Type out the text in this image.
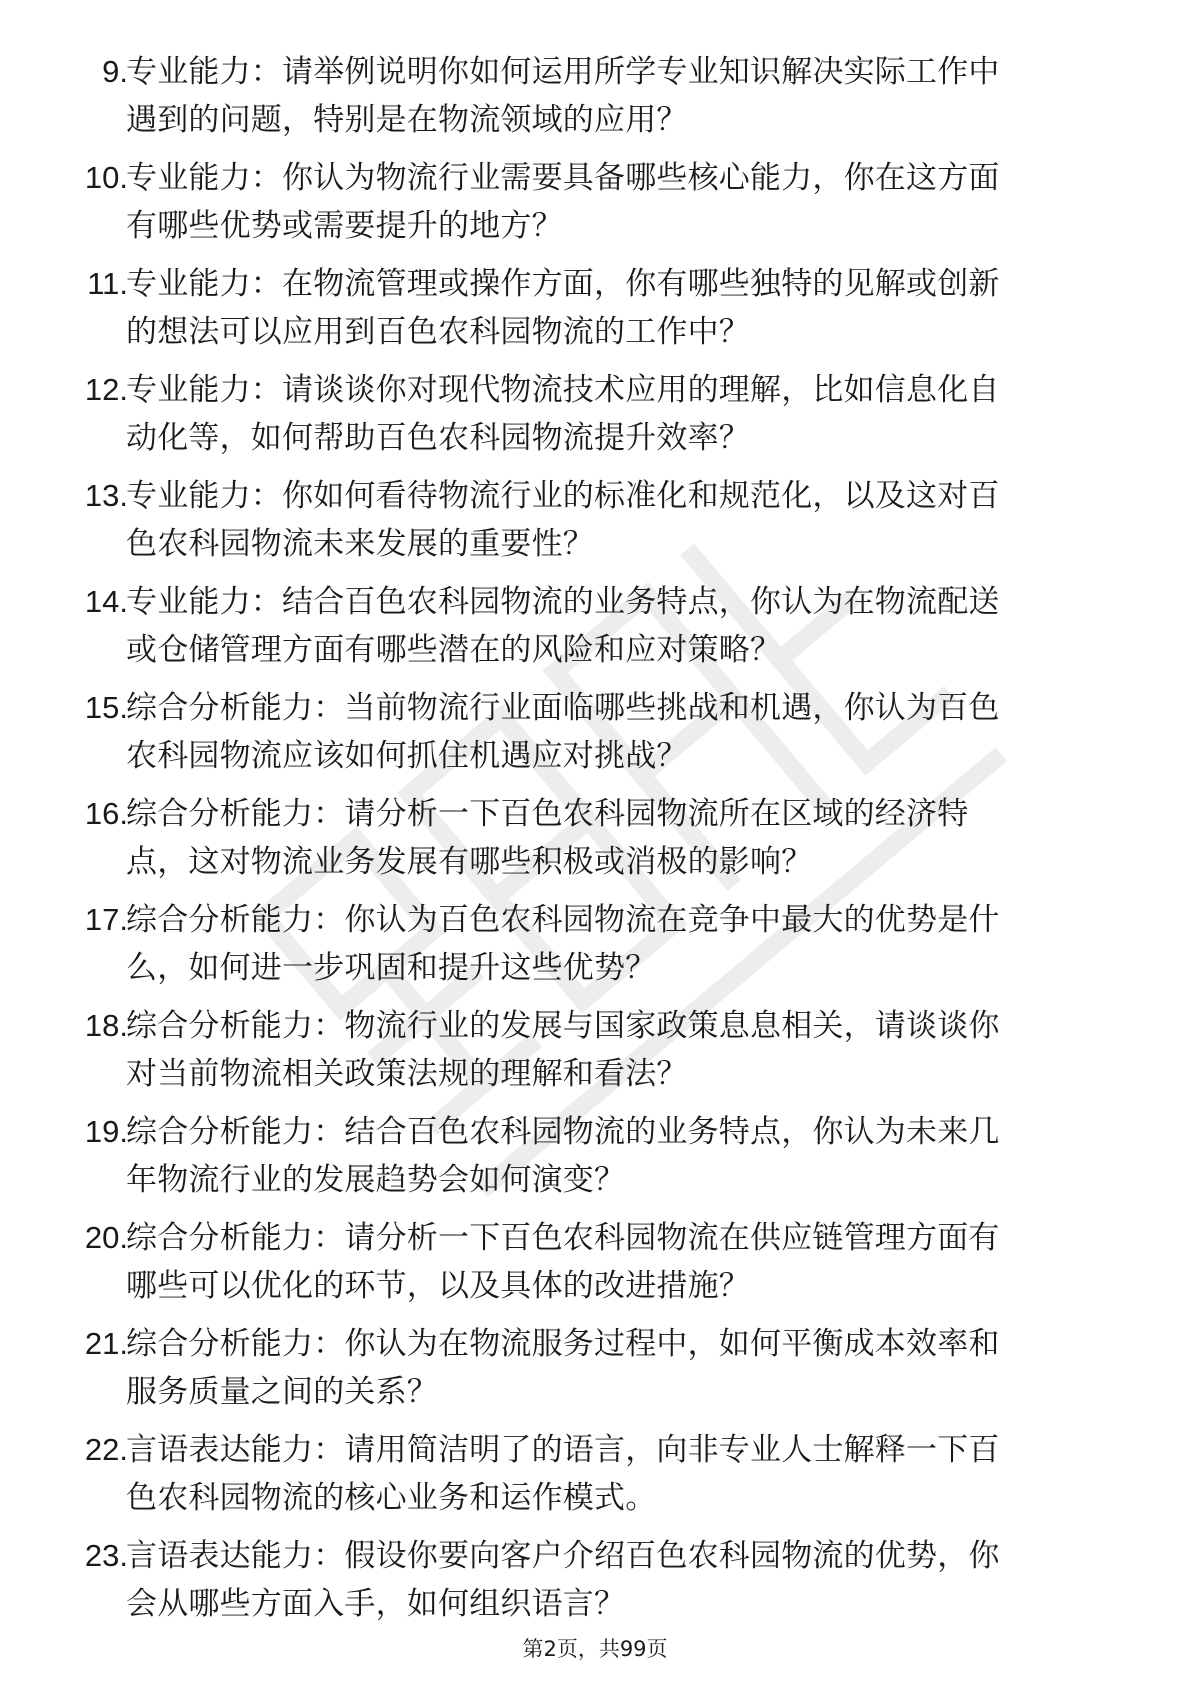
9.
专业能力：请举例说明你如何运用所学专业知识解决实际工作中
遇到的问题，特别是在物流领域的应用？
10.
专业能力：你认为物流行业需要具备哪些核心能力，你在这方面
有哪些优势或需要提升的地方？
11.
专业能力：在物流管理或操作方面，你有哪些独特的见解或创新
的想法可以应用到百色农科园物流的工作中？
12.
专业能力：请谈谈你对现代物流技术应用的理解，比如信息化自
动化等，如何帮助百色农科园物流提升效率？
13.
专业能力：你如何看待物流行业的标准化和规范化，以及这对百
色农科园物流未来发展的重要性？
14.
专业能力：结合百色农科园物流的业务特点，你认为在物流配送
或仓储管理方面有哪些潜在的风险和应对策略？
15.
综合分析能力：当前物流行业面临哪些挑战和机遇，你认为百色
农科园物流应该如何抓住机遇应对挑战？
16.
综合分析能力：请分析一下百色农科园物流所在区域的经济特
点，这对物流业务发展有哪些积极或消极的影响？
17.
综合分析能力：你认为百色农科园物流在竞争中最大的优势是什
么，如何进一步巩固和提升这些优势？
18.
综合分析能力：物流行业的发展与国家政策息息相关，请谈谈你
对当前物流相关政策法规的理解和看法？
19.
综合分析能力：结合百色农科园物流的业务特点，你认为未来几
年物流行业的发展趋势会如何演变？
20.
综合分析能力：请分析一下百色农科园物流在供应链管理方面有
哪些可以优化的环节，以及具体的改进措施？
21.
综合分析能力：你认为在物流服务过程中，如何平衡成本效率和
服务质量之间的关系？
22.
言语表达能力：请用简洁明了的语言，向非专业人士解释一下百
色农科园物流的核心业务和运作模式。
23.
言语表达能力：假设你要向客户介绍百色农科园物流的优势，你
会从哪些方面入手，如何组织语言？
第2页，共99页
